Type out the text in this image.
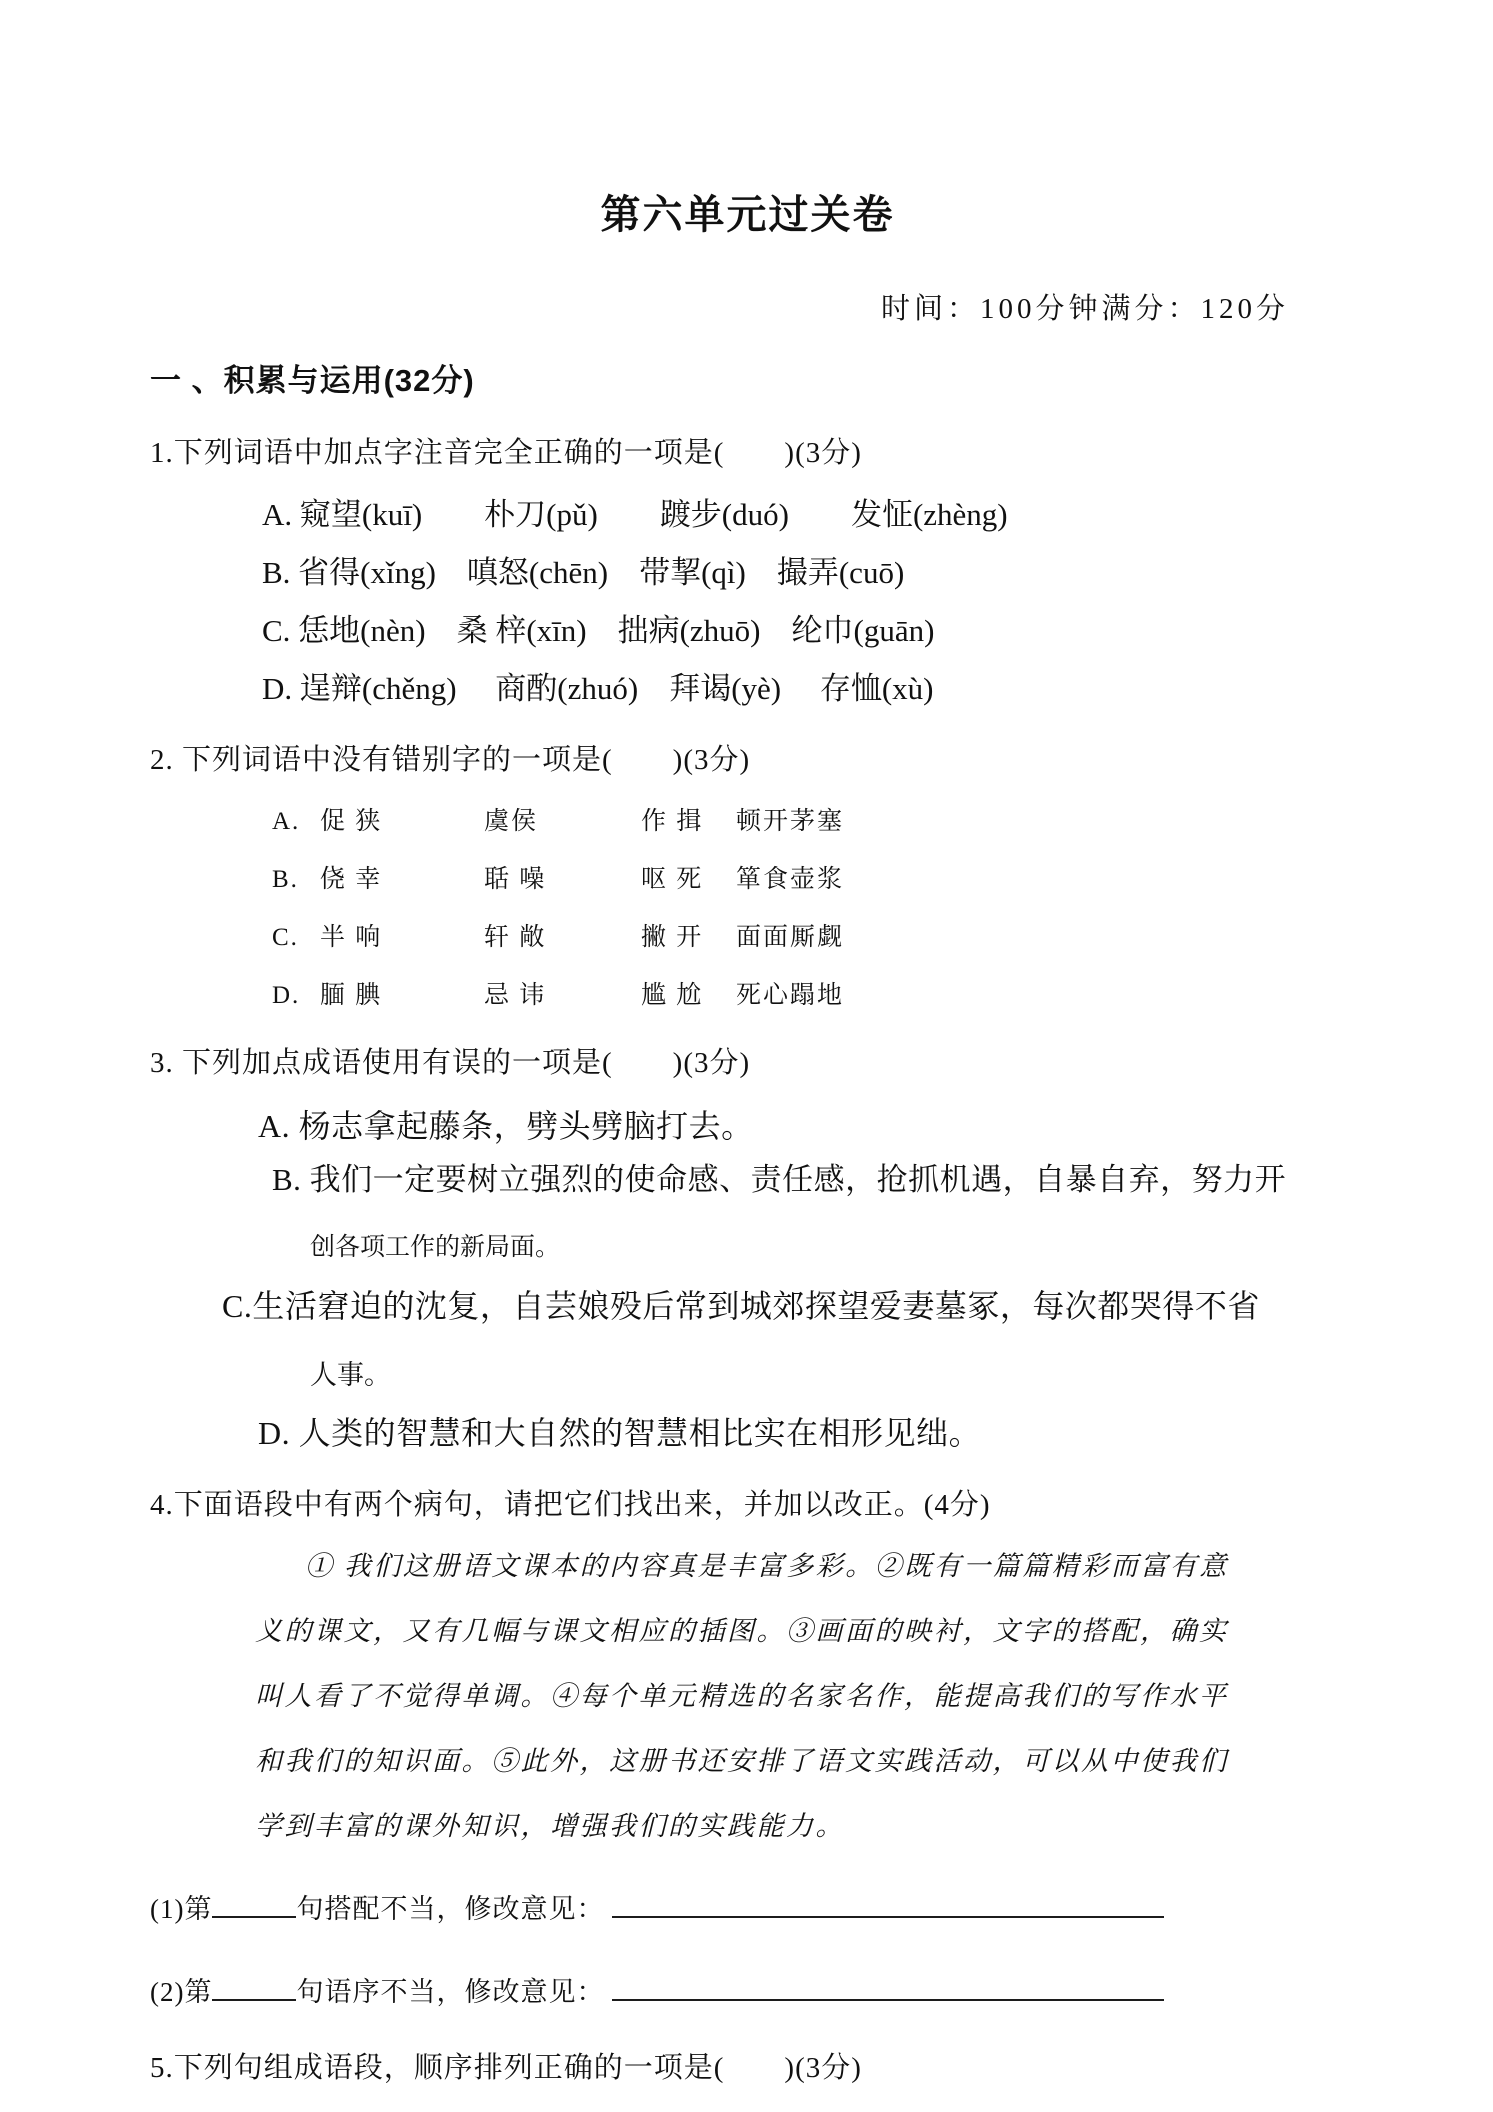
第六单元过关卷
时间：100分钟满分：120分
一 、积累与运用(32分)
1.下列词语中加点字注音完全正确的一项是(　　)(3分)
A. 窥望(kuī)　　朴刀(pǔ)　　踱步(duó)　　发怔(zhèng)
B. 省得(xǐng)　嗔怒(chēn)　带挈(qì)　撮弄(cuō)
C. 恁地(nèn)　桑 梓(xīn)　拙病(zhuō)　纶巾(guān)
D. 逞辩(chěng)　 商酌(zhuó)　拜谒(yè)　 存恤(xù)
2. 下列词语中没有错别字的一项是(　　)(3分)
A. 促 狭	虞侯	作 揖	顿开茅塞
B. 侥 幸	聒 噪	呕 死	箪食壶浆
C. 半 响	轩 敞	撇 开	面面厮觑
D. 腼 腆	忌 讳	尴 尬	死心蹋地
3. 下列加点成语使用有误的一项是(　　)(3分)
A. 杨志拿起藤条，劈头劈脑打去。
B. 我们一定要树立强烈的使命感、责任感，抢抓机遇，自暴自弃，努力开
创各项工作的新局面。
C.生活窘迫的沈复，自芸娘殁后常到城郊探望爱妻墓冢，每次都哭得不省
人事。
D. 人类的智慧和大自然的智慧相比实在相形见绌。
4.下面语段中有两个病句，请把它们找出来，并加以改正。(4分)
① 我们这册语文课本的内容真是丰富多彩。②既有一篇篇精彩而富有意
义的课文，又有几幅与课文相应的插图。③画面的映衬，文字的搭配，确实
叫人看了不觉得单调。④每个单元精选的名家名作，能提高我们的写作水平
和我们的知识面。⑤此外，这册书还安排了语文实践活动，可以从中使我们
学到丰富的课外知识，增强我们的实践能力。
(1)第	句搭配不当，修改意见：
(2)第	句语序不当，修改意见：
5.下列句组成语段，顺序排列正确的一项是(　　)(3分)
